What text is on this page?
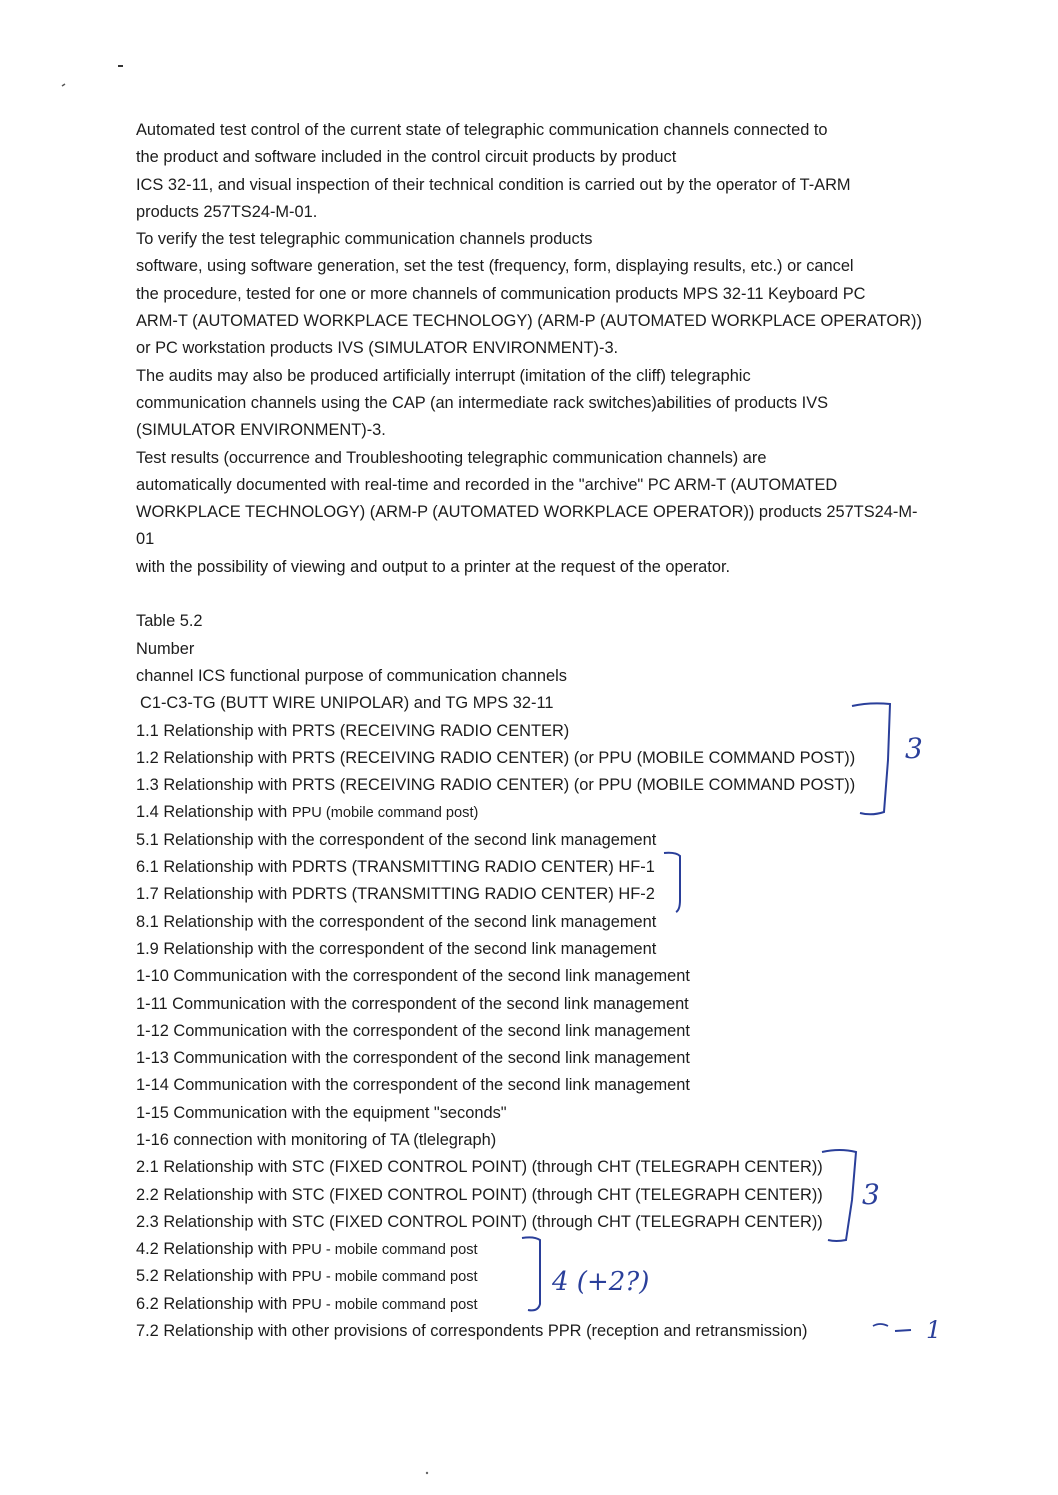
Automated test control of the current state of telegraphic communication channels connected to
the product and software included in the control circuit products by product
ICS 32-11, and visual inspection of their technical condition is carried out by the operator of T-ARM
products 257TS24-M-01.
To verify the test telegraphic communication channels products
software, using software generation, set the test (frequency, form, displaying results, etc.) or cancel
the procedure, tested for one or more channels of communication products MPS 32-11 Keyboard PC
ARM-T (AUTOMATED WORKPLACE TECHNOLOGY) (ARM-P (AUTOMATED WORKPLACE OPERATOR))
or PC workstation products IVS (SIMULATOR ENVIRONMENT)-3.
The audits may also be produced artificially interrupt (imitation of the cliff) telegraphic
communication channels using the CAP (an intermediate rack switches)abilities of products IVS
(SIMULATOR ENVIRONMENT)-3.
Test results (occurrence and Troubleshooting telegraphic communication channels) are
automatically documented with real-time and recorded in the "archive" PC ARM-T (AUTOMATED
WORKPLACE TECHNOLOGY) (ARM-P (AUTOMATED WORKPLACE OPERATOR)) products 257TS24-M-
01
with the possibility of viewing and output to a printer at the request of the operator.
Table 5.2
Number
channel ICS functional purpose of communication channels
C1-C3-TG (BUTT WIRE UNIPOLAR) and TG MPS 32-11
1.1 Relationship with PRTS (RECEIVING RADIO CENTER)
1.2 Relationship with PRTS (RECEIVING RADIO CENTER) (or PPU (MOBILE COMMAND POST))
1.3 Relationship with PRTS (RECEIVING RADIO CENTER) (or PPU (MOBILE COMMAND POST))
1.4 Relationship with PPU (mobile command post)
5.1 Relationship with the correspondent of the second link management
6.1 Relationship with PDRTS (TRANSMITTING RADIO CENTER) HF-1
1.7 Relationship with PDRTS (TRANSMITTING RADIO CENTER) HF-2
8.1 Relationship with the correspondent of the second link management
1.9 Relationship with the correspondent of the second link management
1-10 Communication with the correspondent of the second link management
1-11 Communication with the correspondent of the second link management
1-12 Communication with the correspondent of the second link management
1-13 Communication with the correspondent of the second link management
1-14 Communication with the correspondent of the second link management
1-15 Communication with the equipment "seconds"
1-16 connection with monitoring of TA (tlelegraph)
2.1 Relationship with STC (FIXED CONTROL POINT) (through CHT (TELEGRAPH CENTER))
2.2 Relationship with STC (FIXED CONTROL POINT) (through CHT (TELEGRAPH CENTER))
2.3 Relationship with STC (FIXED CONTROL POINT) (through CHT (TELEGRAPH CENTER))
4.2 Relationship with PPU - mobile command post
5.2 Relationship with PPU - mobile command post
6.2 Relationship with PPU - mobile command post
7.2 Relationship with other provisions of correspondents PPR (reception and retransmission)
3
3
4 (+2?)
1
